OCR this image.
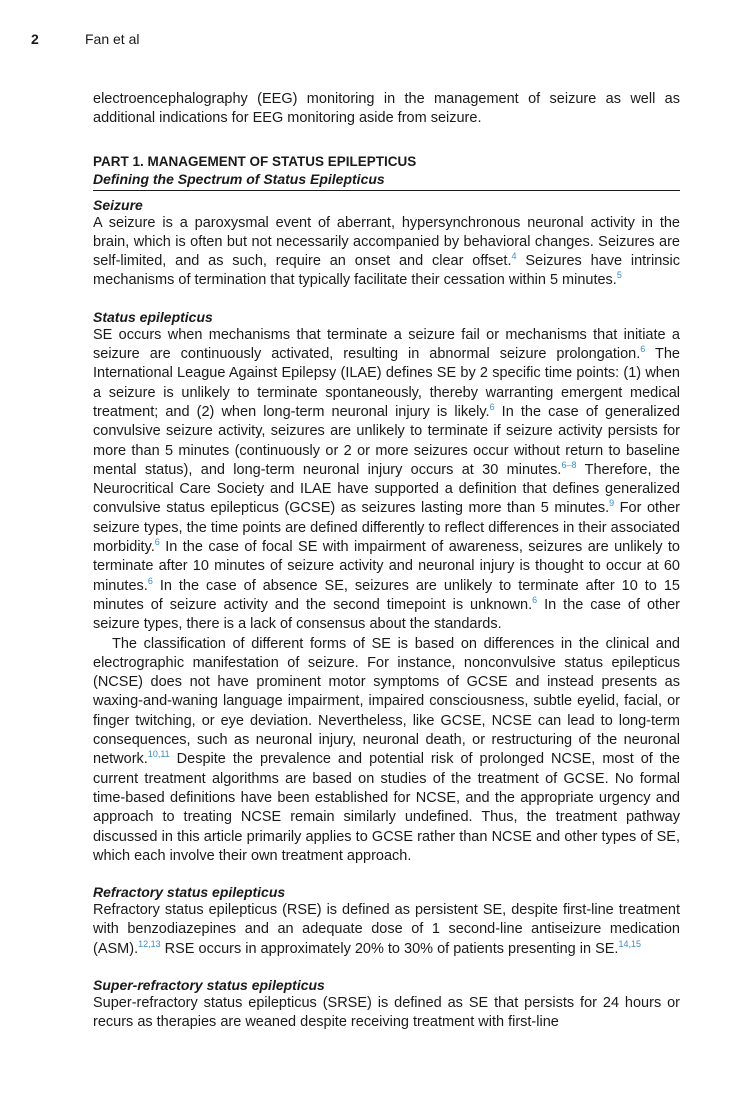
2	Fan et al

electroencephalography (EEG) monitoring in the management of seizure as well as additional indications for EEG monitoring aside from seizure.

PART 1. MANAGEMENT OF STATUS EPILEPTICUS
Defining the Spectrum of Status Epilepticus
Seizure

A seizure is a paroxysmal event of aberrant, hypersynchronous neuronal activity in the brain, which is often but not necessarily accompanied by behavioral changes. Seizures are self-limited, and as such, require an onset and clear offset.$^4$ Seizures have intrinsic mechanisms of termination that typically facilitate their cessation within 5 minutes.$^5$

Status epilepticus

SE occurs when mechanisms that terminate a seizure fail or mechanisms that initiate a seizure are continuously activated, resulting in abnormal seizure prolongation.$^6$ The International League Against Epilepsy (ILAE) defines SE by 2 specific time points: (1) when a seizure is unlikely to terminate spontaneously, thereby warranting emergent medical treatment; and (2) when long-term neuronal injury is likely.$^6$ In the case of generalized convulsive seizure activity, seizures are unlikely to terminate if seizure activity persists for more than 5 minutes (continuously or 2 or more seizures occur without return to baseline mental status), and long-term neuronal injury occurs at 30 minutes.$^{6-8}$ Therefore, the Neurocritical Care Society and ILAE have supported a definition that defines generalized convulsive status epilepticus (GCSE) as seizures lasting more than 5 minutes.$^9$ For other seizure types, the time points are defined differently to reflect differences in their associated morbidity.$^6$ In the case of focal SE with impairment of awareness, seizures are unlikely to terminate after 10 minutes of seizure activity and neuronal injury is thought to occur at 60 minutes.$^6$ In the case of absence SE, seizures are unlikely to terminate after 10 to 15 minutes of seizure activity and the second timepoint is unknown.$^6$ In the case of other seizure types, there is a lack of consensus about the standards.

The classification of different forms of SE is based on differences in the clinical and electrographic manifestation of seizure. For instance, nonconvulsive status epilepticus (NCSE) does not have prominent motor symptoms of GCSE and instead presents as waxing-and-waning language impairment, impaired consciousness, subtle eyelid, facial, or finger twitching, or eye deviation. Nevertheless, like GCSE, NCSE can lead to long-term consequences, such as neuronal injury, neuronal death, or restructuring of the neuronal network.$^{10,11}$ Despite the prevalence and potential risk of prolonged NCSE, most of the current treatment algorithms are based on studies of the treatment of GCSE. No formal time-based definitions have been established for NCSE, and the appropriate urgency and approach to treating NCSE remain similarly undefined. Thus, the treatment pathway discussed in this article primarily applies to GCSE rather than NCSE and other types of SE, which each involve their own treatment approach.

Refractory status epilepticus

Refractory status epilepticus (RSE) is defined as persistent SE, despite first-line treatment with benzodiazepines and an adequate dose of 1 second-line antiseizure medication (ASM).$^{12,13}$ RSE occurs in approximately 20% to 30% of patients presenting in SE.$^{14,15}$

Super-refractory status epilepticus

Super-refractory status epilepticus (SRSE) is defined as SE that persists for 24 hours or recurs as therapies are weaned despite receiving treatment with first-line
